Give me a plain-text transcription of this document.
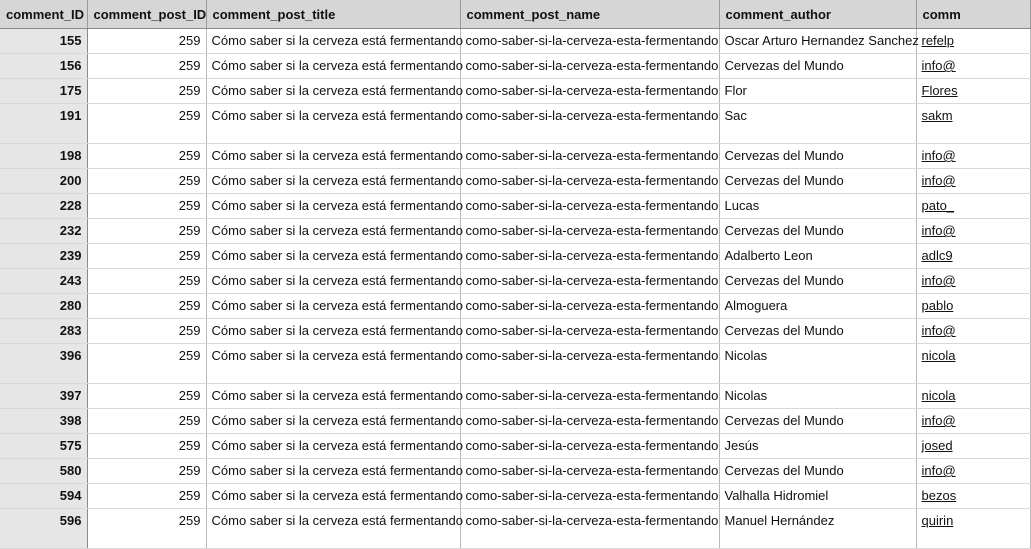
comment_ID	comment_post_ID	comment_post_title	comment_post_name	comment_author	comm
155	259	Cómo saber si la cerveza está fermentando	como-saber-si-la-cerveza-esta-fermentando	Oscar Arturo Hernandez Sanchez	refelp
156	259	Cómo saber si la cerveza está fermentando	como-saber-si-la-cerveza-esta-fermentando	Cervezas del Mundo	info@
175	259	Cómo saber si la cerveza está fermentando	como-saber-si-la-cerveza-esta-fermentando	Flor	Flores
191	259	Cómo saber si la cerveza está fermentando	como-saber-si-la-cerveza-esta-fermentando	Sac	sakm
198	259	Cómo saber si la cerveza está fermentando	como-saber-si-la-cerveza-esta-fermentando	Cervezas del Mundo	info@
200	259	Cómo saber si la cerveza está fermentando	como-saber-si-la-cerveza-esta-fermentando	Cervezas del Mundo	info@
228	259	Cómo saber si la cerveza está fermentando	como-saber-si-la-cerveza-esta-fermentando	Lucas	pato_
232	259	Cómo saber si la cerveza está fermentando	como-saber-si-la-cerveza-esta-fermentando	Cervezas del Mundo	info@
239	259	Cómo saber si la cerveza está fermentando	como-saber-si-la-cerveza-esta-fermentando	Adalberto Leon	adlc9
243	259	Cómo saber si la cerveza está fermentando	como-saber-si-la-cerveza-esta-fermentando	Cervezas del Mundo	info@
280	259	Cómo saber si la cerveza está fermentando	como-saber-si-la-cerveza-esta-fermentando	Almoguera	pablo
283	259	Cómo saber si la cerveza está fermentando	como-saber-si-la-cerveza-esta-fermentando	Cervezas del Mundo	info@
396	259	Cómo saber si la cerveza está fermentando	como-saber-si-la-cerveza-esta-fermentando	Nicolas	nicola
397	259	Cómo saber si la cerveza está fermentando	como-saber-si-la-cerveza-esta-fermentando	Nicolas	nicola
398	259	Cómo saber si la cerveza está fermentando	como-saber-si-la-cerveza-esta-fermentando	Cervezas del Mundo	info@
575	259	Cómo saber si la cerveza está fermentando	como-saber-si-la-cerveza-esta-fermentando	Jesús	josed
580	259	Cómo saber si la cerveza está fermentando	como-saber-si-la-cerveza-esta-fermentando	Cervezas del Mundo	info@
594	259	Cómo saber si la cerveza está fermentando	como-saber-si-la-cerveza-esta-fermentando	Valhalla Hidromiel	bezos
596	259	Cómo saber si la cerveza está fermentando	como-saber-si-la-cerveza-esta-fermentando	Manuel Hernández	quirin
